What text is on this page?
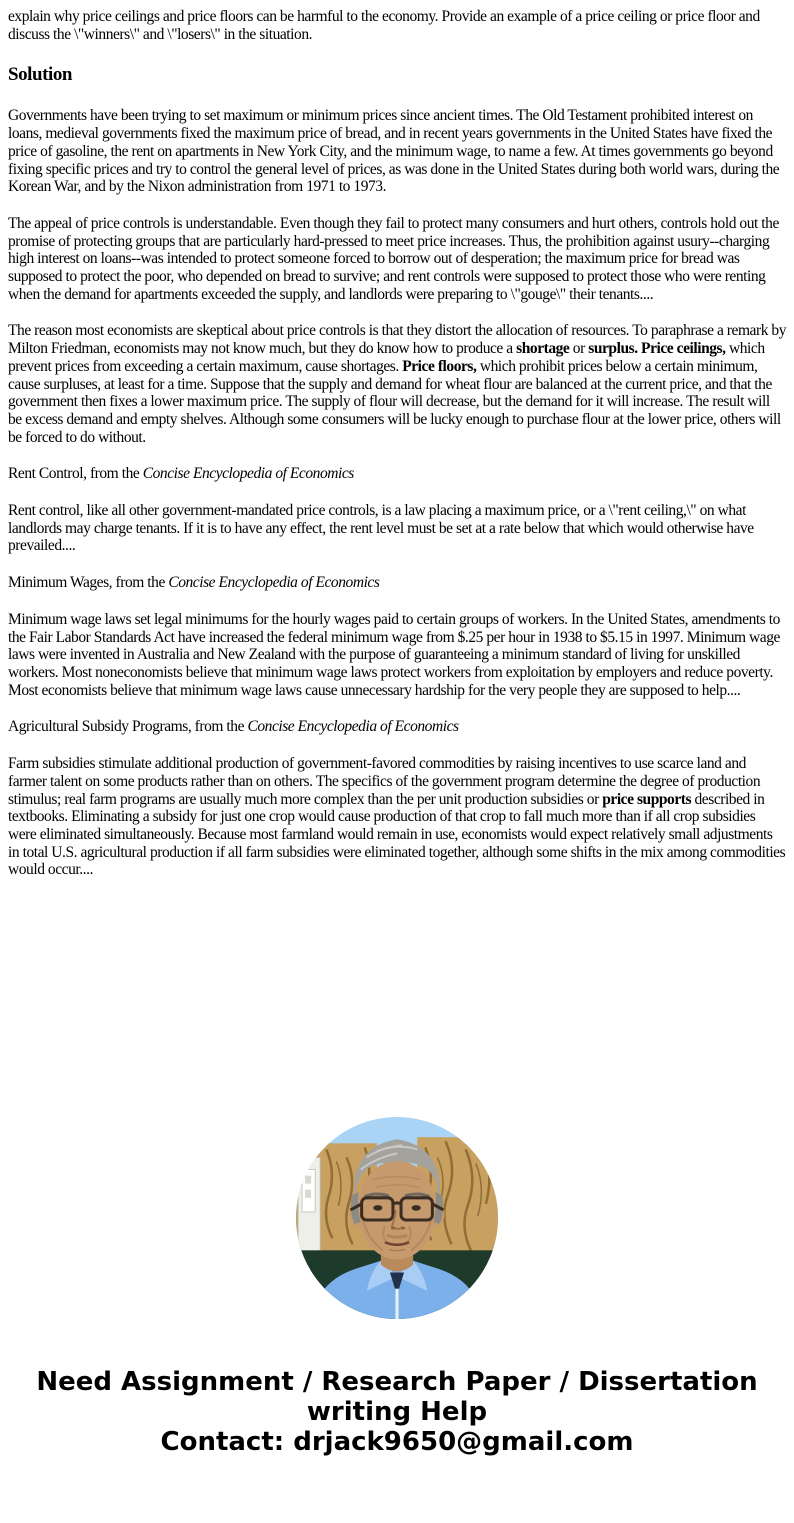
explain why price ceilings and price floors can be harmful to the economy. Provide an example of a price ceiling or price floor and discuss the \"winners\" and \"losers\" in the situation.

Solution

Governments have been trying to set maximum or minimum prices since ancient times. The Old Testament prohibited interest on loans, medieval governments fixed the maximum price of bread, and in recent years governments in the United States have fixed the price of gasoline, the rent on apartments in New York City, and the minimum wage, to name a few. At times governments go beyond fixing specific prices and try to control the general level of prices, as was done in the United States during both world wars, during the Korean War, and by the Nixon administration from 1971 to 1973.

The appeal of price controls is understandable. Even though they fail to protect many consumers and hurt others, controls hold out the promise of protecting groups that are particularly hard-pressed to meet price increases. Thus, the prohibition against usury--charging high interest on loans--was intended to protect someone forced to borrow out of desperation; the maximum price for bread was supposed to protect the poor, who depended on bread to survive; and rent controls were supposed to protect those who were renting when the demand for apartments exceeded the supply, and landlords were preparing to \"gouge\" their tenants....

The reason most economists are skeptical about price controls is that they distort the allocation of resources. To paraphrase a remark by Milton Friedman, economists may not know much, but they do know how to produce a shortage or surplus. Price ceilings, which prevent prices from exceeding a certain maximum, cause shortages. Price floors, which prohibit prices below a certain minimum, cause surpluses, at least for a time. Suppose that the supply and demand for wheat flour are balanced at the current price, and that the government then fixes a lower maximum price. The supply of flour will decrease, but the demand for it will increase. The result will be excess demand and empty shelves. Although some consumers will be lucky enough to purchase flour at the lower price, others will be forced to do without.

Rent Control, from the Concise Encyclopedia of Economics

Rent control, like all other government-mandated price controls, is a law placing a maximum price, or a \"rent ceiling,\" on what landlords may charge tenants. If it is to have any effect, the rent level must be set at a rate below that which would otherwise have prevailed....

Minimum Wages, from the Concise Encyclopedia of Economics

Minimum wage laws set legal minimums for the hourly wages paid to certain groups of workers. In the United States, amendments to the Fair Labor Standards Act have increased the federal minimum wage from $.25 per hour in 1938 to $5.15 in 1997. Minimum wage laws were invented in Australia and New Zealand with the purpose of guaranteeing a minimum standard of living for unskilled workers. Most noneconomists believe that minimum wage laws protect workers from exploitation by employers and reduce poverty. Most economists believe that minimum wage laws cause unnecessary hardship for the very people they are supposed to help....

Agricultural Subsidy Programs, from the Concise Encyclopedia of Economics

Farm subsidies stimulate additional production of government-favored commodities by raising incentives to use scarce land and farmer talent on some products rather than on others. The specifics of the government program determine the degree of production stimulus; real farm programs are usually much more complex than the per unit production subsidies or price supports described in textbooks. Eliminating a subsidy for just one crop would cause production of that crop to fall much more than if all crop subsidies were eliminated simultaneously. Because most farmland would remain in use, economists would expect relatively small adjustments in total U.S. agricultural production if all farm subsidies were eliminated together, although some shifts in the mix among commodities would occur....

Need Assignment / Research Paper / Dissertation writing Help
Contact: drjack9650@gmail.com
